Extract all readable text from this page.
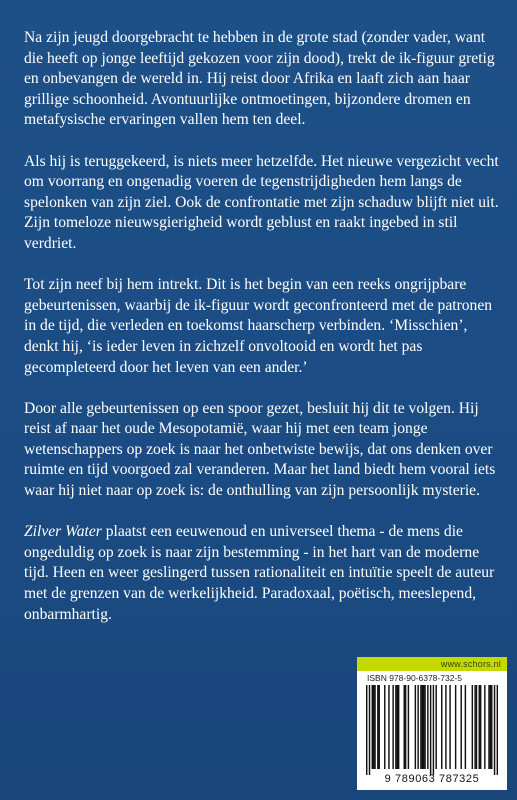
Na zijn jeugd doorgebracht te hebben in de grote stad (zonder vader, want die heeft op jonge leeftijd gekozen voor zijn dood), trekt de ik-figuur gretig en onbevangen de wereld in. Hij reist door Afrika en laaft zich aan haar grillige schoonheid. Avontuurlijke ontmoetingen, bijzondere dromen en metafysische ervaringen vallen hem ten deel.

Als hij is teruggekeerd, is niets meer hetzelfde. Het nieuwe vergezicht vecht om voorrang en ongenadig voeren de tegenstrijdigheden hem langs de spelonken van zijn ziel. Ook de confrontatie met zijn schaduw blijft niet uit. Zijn tomeloze nieuwsgierigheid wordt geblust en raakt ingebed in stil verdriet.

Tot zijn neef bij hem intrekt. Dit is het begin van een reeks ongrijpbare gebeurtenissen, waarbij de ik-figuur wordt geconfronteerd met de patronen in de tijd, die verleden en toekomst haarscherp verbinden. ‘Misschien’, denkt hij, ‘is ieder leven in zichzelf onvoltooid en wordt het pas gecompleteerd door het leven van een ander.’

Door alle gebeurtenissen op een spoor gezet, besluit hij dit te volgen. Hij reist af naar het oude Mesopotamië, waar hij met een team jonge wetenschappers op zoek is naar het onbetwiste bewijs, dat ons denken over ruimte en tijd voorgoed zal veranderen. Maar het land biedt hem vooral iets waar hij niet naar op zoek is: de onthulling van zijn persoonlijk mysterie.

Zilver Water plaatst een eeuwenoud en universeel thema - de mens die ongeduldig op zoek is naar zijn bestemming - in het hart van de moderne tijd. Heen en weer geslingerd tussen rationaliteit en intuïtie speelt de auteur met de grenzen van de werkelijkheid. Paradoxaal, poëtisch, meeslepend, onbarmhartig.

www.schors.nl
ISBN 978-90-6378-732-5
9 789063 787325
